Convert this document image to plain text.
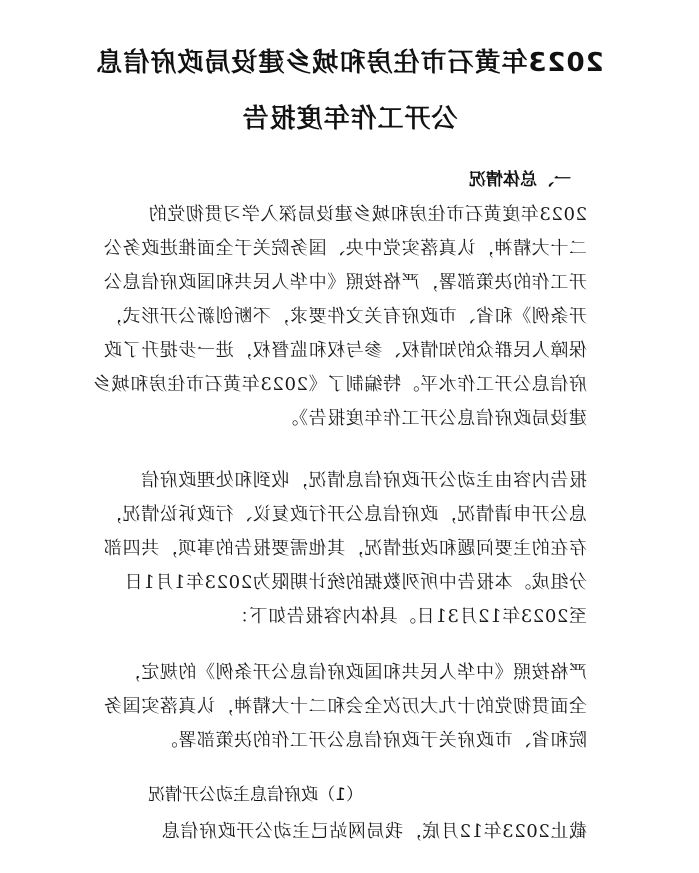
2023年黄石市住房和城乡建设局政府信息
公开工作年度报告
一、总体情况
2023年度黄石市住房和城乡建设局深入学习贯彻党的
二十大精神，认真落实党中央、国务院关于全面推进政务公
开工作的决策部署，严格按照《中华人民共和国政府信息公
开条例》和省、市政府有关文件要求，不断创新公开形式，
保障人民群众的知情权、参与权和监督权，进一步提升了政
府信息公开工作水平。特编制了《2023年黄石市住房和城乡
建设局政府信息公开工作年度报告》。
报告内容由主动公开政府信息情况，收到和处理政府信
息公开申请情况，政府信息公开行政复议、行政诉讼情况，
存在的主要问题和改进情况，其他需要报告的事项，共四部
分组成。本报告中所列数据的统计期限为2023年1月1日
至2023年12月31日。具体内容报告如下：
严格按照《中华人民共和国政府信息公开条例》的规定，
全面贯彻党的十九大历次全会和二十大精神，认真落实国务
院和省、市政府关于政府信息公开工作的决策部署。
（1）政府信息主动公开情况
截止2023年12月底，我局网站已主动公开政府信息
